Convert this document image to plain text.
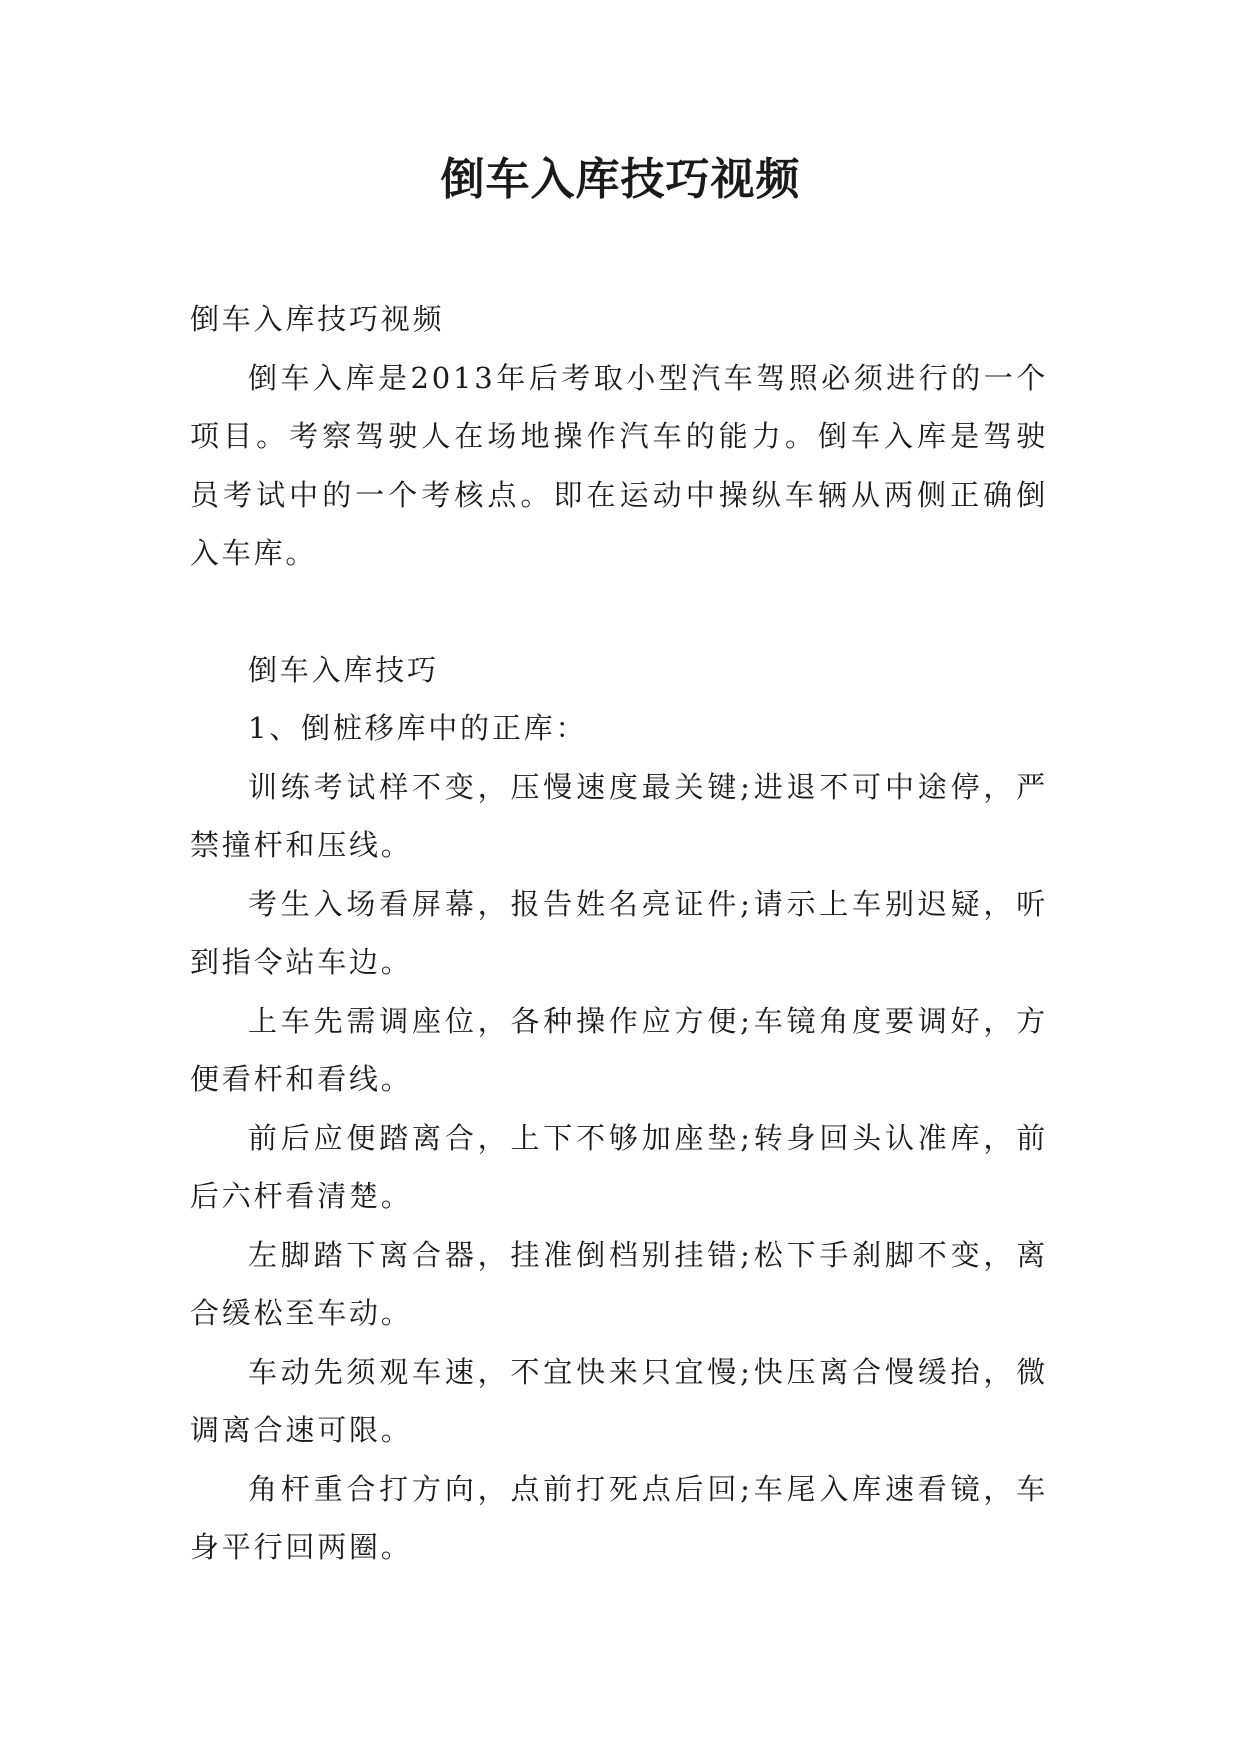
倒车入库技巧视频

倒车入库技巧视频

倒车入库是2013年后考取小型汽车驾照必须进行的一个项目。考察驾驶人在场地操作汽车的能力。倒车入库是驾驶员考试中的一个考核点。即在运动中操纵车辆从两侧正确倒入车库。

倒车入库技巧

1、倒桩移库中的正库：

训练考试样不变，压慢速度最关键;进退不可中途停，严禁撞杆和压线。

考生入场看屏幕，报告姓名亮证件;请示上车别迟疑，听到指令站车边。

上车先需调座位，各种操作应方便;车镜角度要调好，方便看杆和看线。

前后应便踏离合，上下不够加座垫;转身回头认准库，前后六杆看清楚。

左脚踏下离合器，挂准倒档别挂错;松下手刹脚不变，离合缓松至车动。

车动先须观车速，不宜快来只宜慢;快压离合慢缓抬，微调离合速可限。

角杆重合打方向，点前打死点后回;车尾入库速看镜，车身平行回两圈。
